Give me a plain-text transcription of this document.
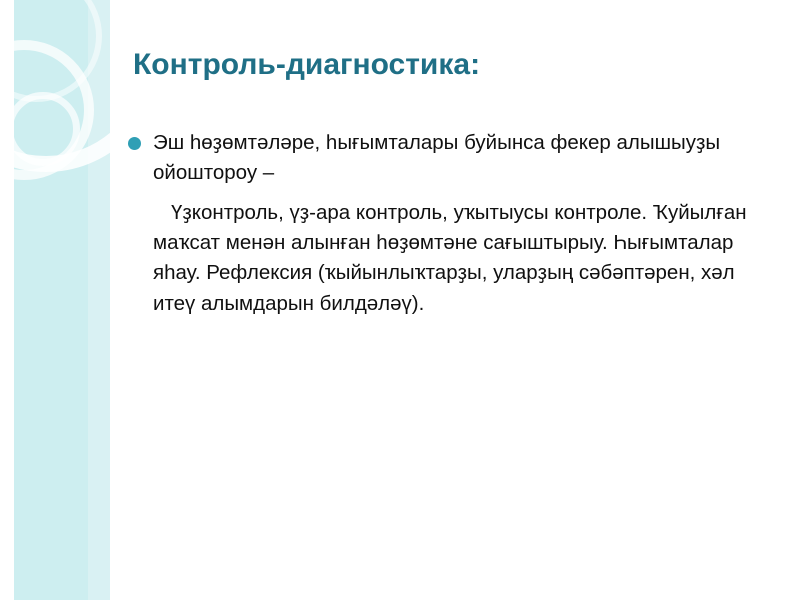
Контроль-диагностика:

Эш һөҙөмтәләре, һығымталары буйынса фекер алышыуҙы ойоштороу –

Үҙконтроль, үҙ-ара контроль, уҡытыусы контроле. Ҡуйылған маҡсат менән алынған һөҙөмтәне сағыштырыу. Һығымталар яһау. Рефлексия (ҡыйынлыҡтарҙы, уларҙың сәбәптәрен, хәл итеү алымдарын билдәләү).
